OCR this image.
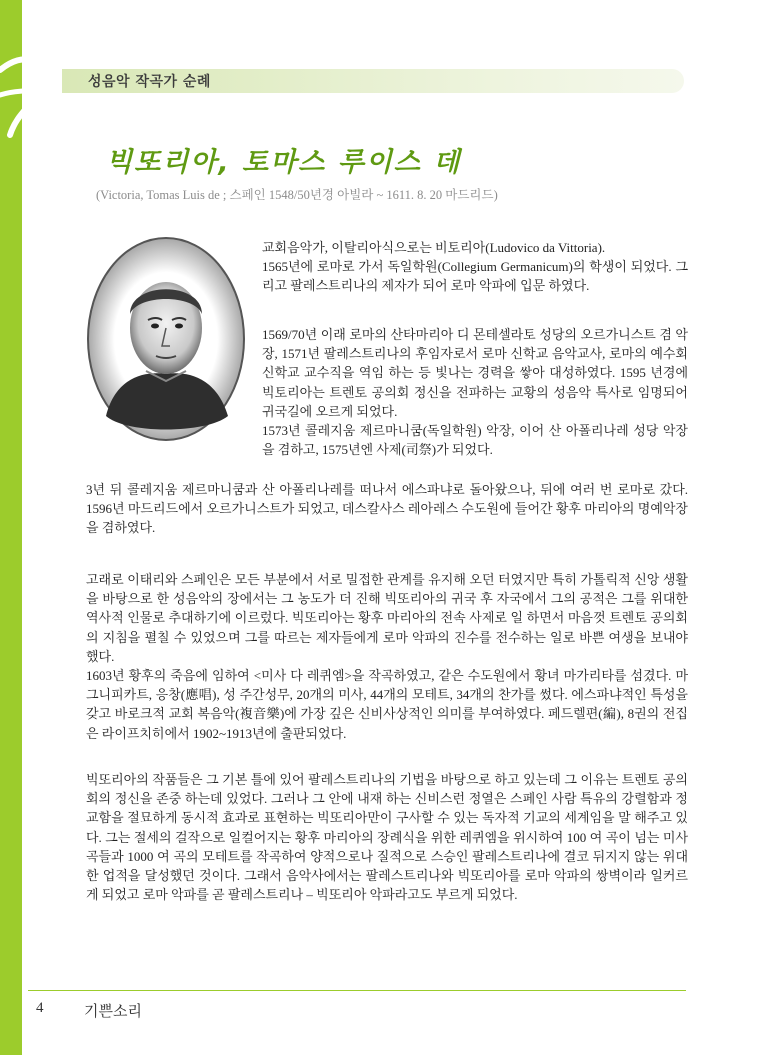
성음악 작곡가 순례
빅또리아, 토마스 루이스 데
(Victoria, Tomas Luis de ; 스페인 1548/50년경 아빌라 ~ 1611. 8. 20 마드리드)
교회음악가, 이탈리아식으로는 비토리아(Ludovico da Vittoria).
1565년에 로마로 가서 독일학원(Collegium Germanicum)의 학생이 되었다. 그리고 팔레스트리나의 제자가 되어 로마 악파에 입문 하였다.
1569/70년 이래 로마의 산타마리아 디 몬테셀라토 성당의 오르가니스트 겸 악장, 1571년 팔레스트리나의 후임자로서 로마 신학교 음악교사, 로마의 예수회 신학교 교수직을 역임 하는 등 빛나는 경력을 쌓아 대성하였다. 1595 년경에 빅토리아는 트렌토 공의회 정신을 전파하는 교황의 성음악 특사로 임명되어 귀국길에 오르게 되었다.
1573년 콜레지움 제르마니쿰(독일학원) 악장, 이어 산 아폴리나레 성당 악장을 겸하고, 1575년엔 사제(司祭)가 되었다.
3년 뒤 콜레지움 제르마니쿰과 산 아폴리나레를 떠나서 에스파냐로 돌아왔으나, 뒤에 여러 번 로마로 갔다. 1596년 마드리드에서 오르가니스트가 되었고, 데스칼사스 레아레스 수도원에 들어간 황후 마리아의 명예악장을 겸하였다.
고래로 이태리와 스페인은 모든 부분에서 서로 밀접한 관계를 유지해 오던 터였지만 특히 가톨릭적 신앙 생활을 바탕으로 한 성음악의 장에서는 그 농도가 더 진해 빅또리아의 귀국 후 자국에서 그의 공적은 그를 위대한 역사적 인물로 추대하기에 이르렀다. 빅또리아는 황후 마리아의 전속 사제로 일 하면서 마음껏 트렌토 공의회의 지침을 펼칠 수 있었으며 그를 따르는 제자들에게 로마 악파의 진수를 전수하는 일로 바쁜 여생을 보내야 했다.
1603년 황후의 죽음에 임하여 <미사 다 레퀴엠>을 작곡하였고, 같은 수도원에서 황녀 마가리타를 섬겼다. 마그니피카트, 응창(應唱), 성 주간성무, 20개의 미사, 44개의 모테트, 34개의 찬가를 썼다. 에스파냐적인 특성을 갖고 바로크적 교회 복음악(複音樂)에 가장 깊은 신비사상적인 의미를 부여하였다. 페드렐편(編), 8권의 전집은 라이프치히에서 1902~1913년에 출판되었다.
빅또리아의 작품들은 그 기본 틀에 있어 팔레스트리나의 기법을 바탕으로 하고 있는데 그 이유는 트렌토 공의회의 정신을 존중 하는데 있었다. 그러나 그 안에 내재 하는 신비스런 정열은 스페인 사람 특유의 강렬함과 정교함을 절묘하게 동시적 효과로 표현하는 빅또리아만이 구사할 수 있는 독자적 기교의 세계임을 말 해주고 있다. 그는 절세의 걸작으로 일컬어지는 황후 마리아의 장례식을 위한 레퀴엠을 위시하여 100 여 곡이 넘는 미사곡들과 1000 여 곡의 모테트를 작곡하여 양적으로나 질적으로 스승인 팔레스트리나에 결코 뒤지지 않는 위대한 업적을 달성했던 것이다. 그래서 음악사에서는 팔레스트리나와 빅또리아를 로마 악파의 쌍벽이라 일커르게 되었고 로마 악파를 곧 팔레스트리나 – 빅또리아 악파라고도 부르게 되었다.
4	기쁜소리
